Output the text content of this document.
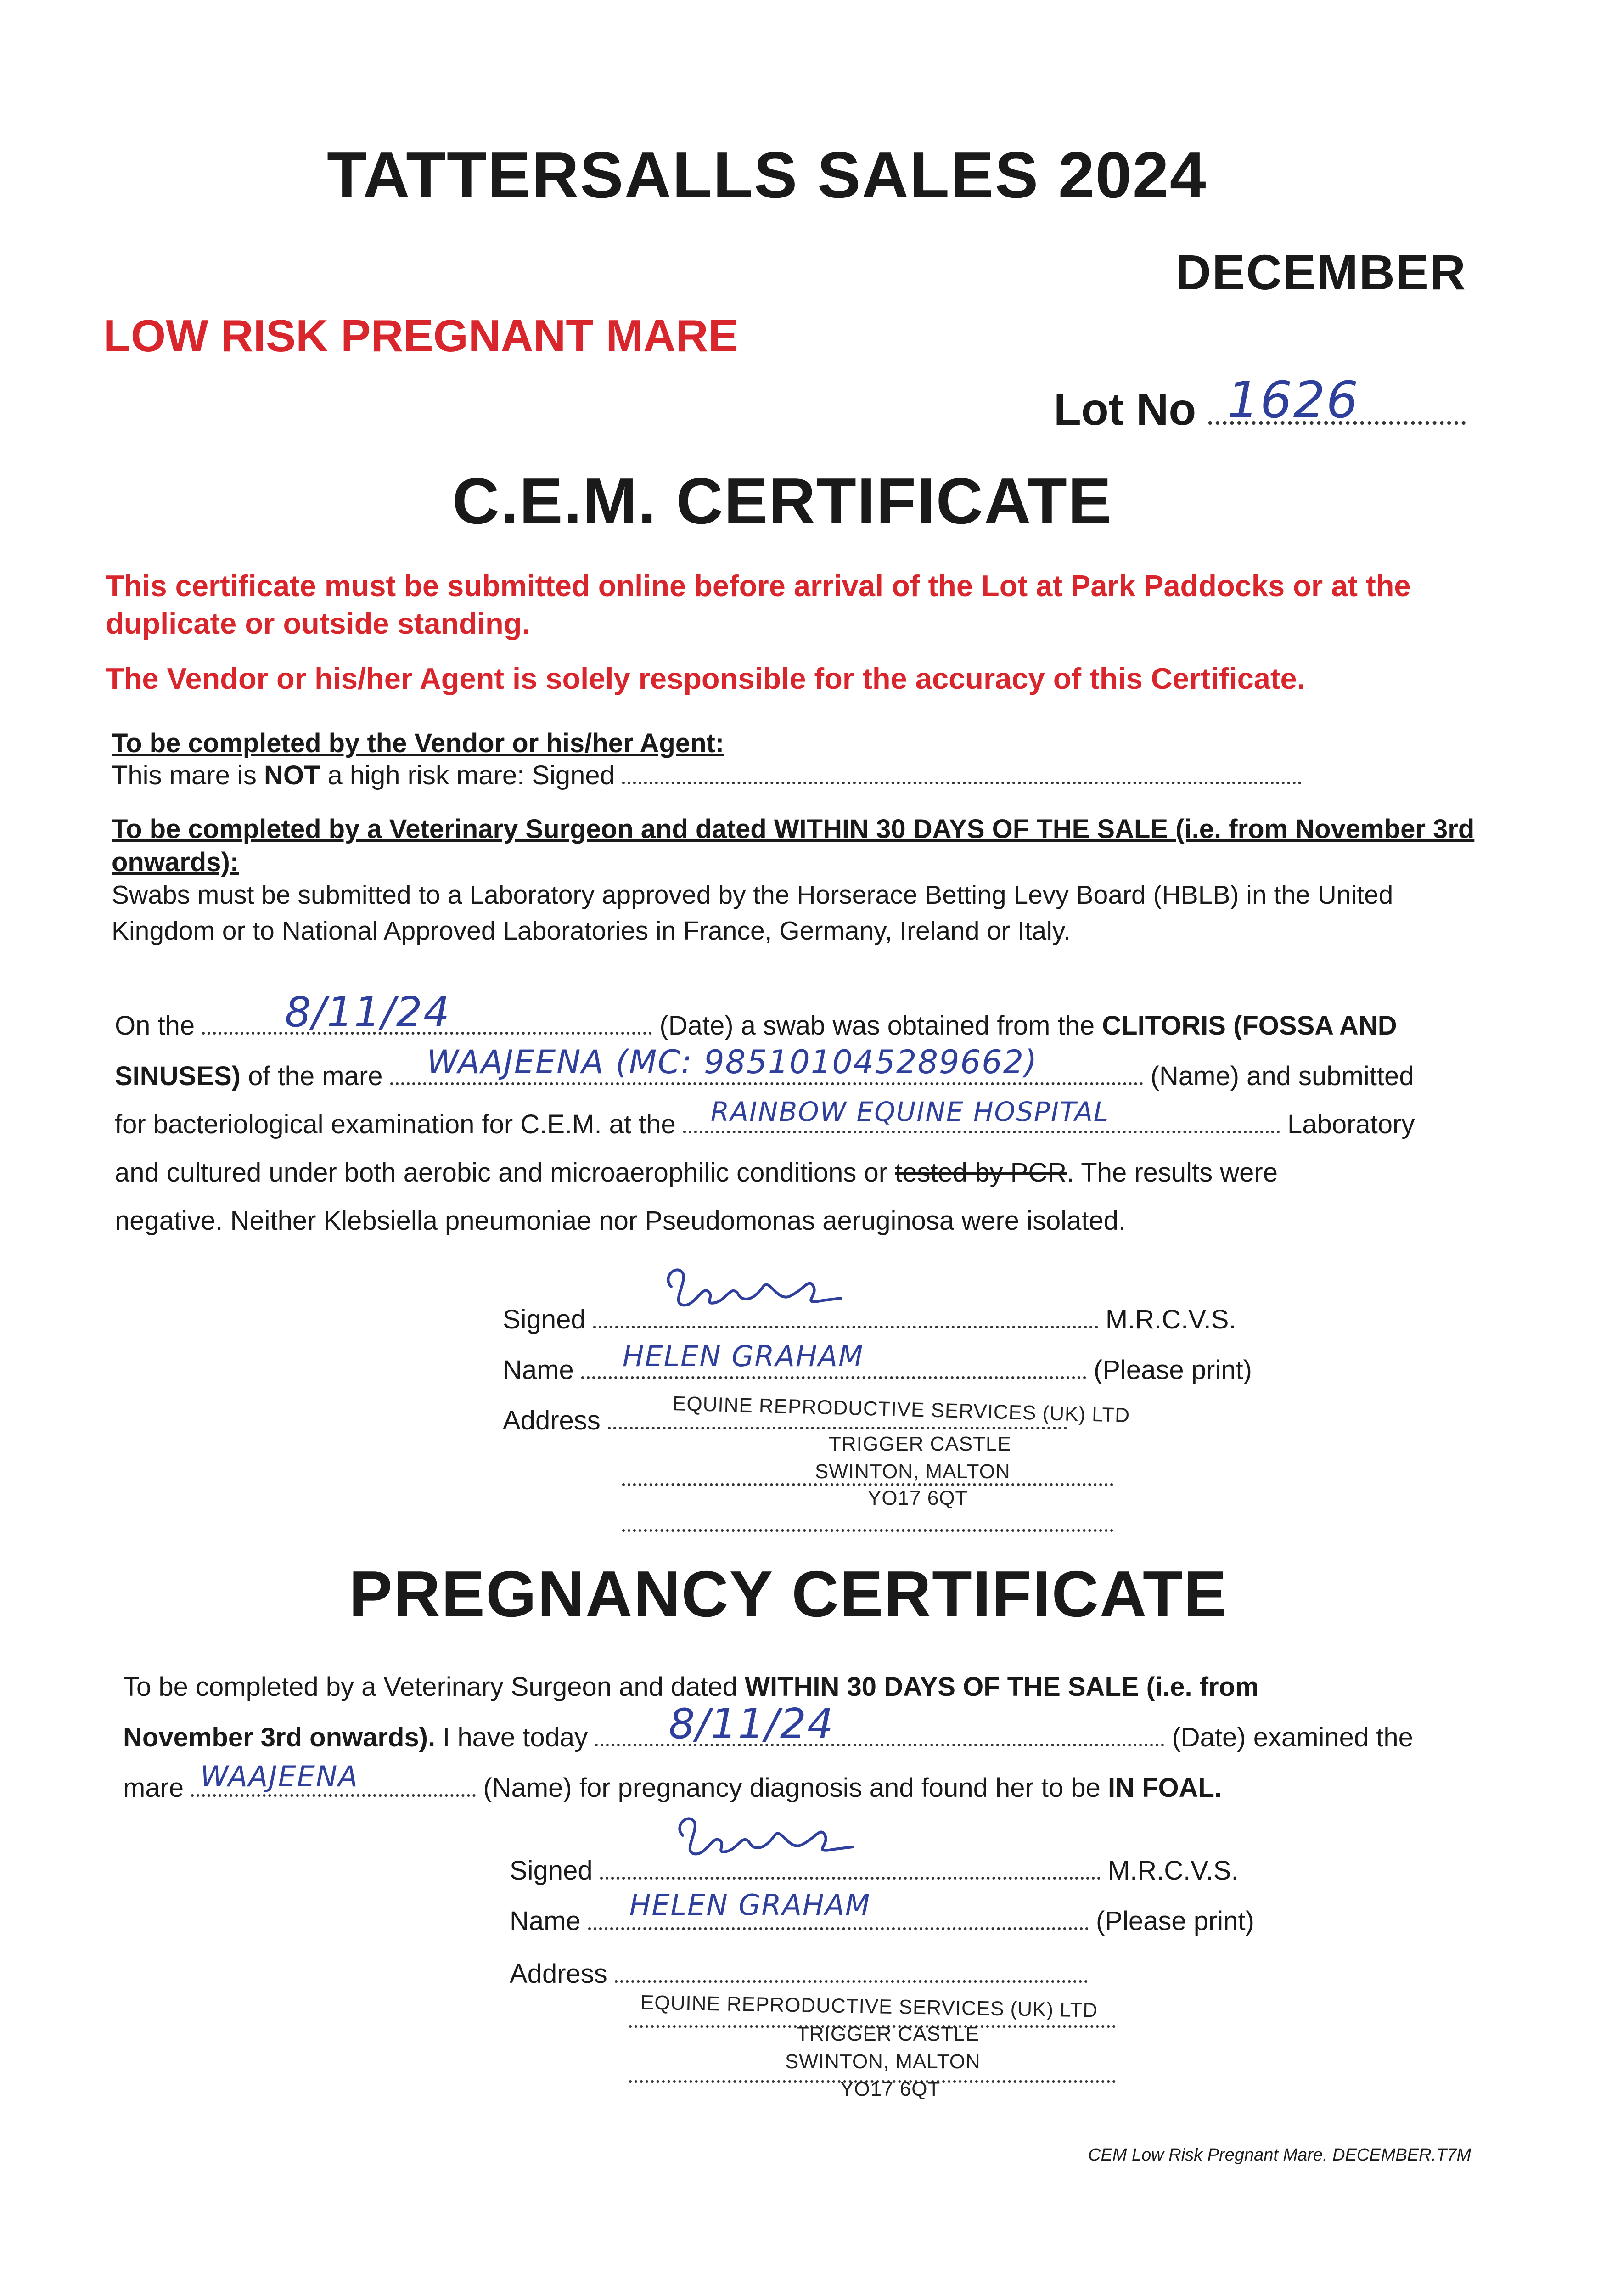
TATTERSALLS SALES 2024
DECEMBER
LOW RISK PREGNANT MARE
Lot No 1626
C.E.M. CERTIFICATE
This certificate must be submitted online before arrival of the Lot at Park Paddocks or at the duplicate or outside standing.
The Vendor or his/her Agent is solely responsible for the accuracy of this Certificate.
To be completed by the Vendor or his/her Agent:
This mare is NOT a high risk mare: Signed
To be completed by a Veterinary Surgeon and dated WITHIN 30 DAYS OF THE SALE (i.e. from November 3rd onwards):
Swabs must be submitted to a Laboratory approved by the Horserace Betting Levy Board (HBLB) in the United Kingdom or to National Approved Laboratories in France, Germany, Ireland or Italy.
On the 8/11/24	(Date) a swab was obtained from the CLITORIS (FOSSA AND
SINUSES) of the mare WAAJEENA (MC: 985101045289662)	(Name) and submitted
for bacteriological examination for C.E.M. at the RAINBOW EQUINE HOSPITAL	Laboratory
and cultured under both aerobic and microaerophilic conditions or tested by PCR. The results were
negative. Neither Klebsiella pneumoniae nor Pseudomonas aeruginosa were isolated.
Signed	M.R.C.V.S.
Name HELEN GRAHAM	(Please print)
Address	EQUINE REPRODUCTIVE SERVICES (UK) LTD
TRIGGER CASTLE
SWINTON, MALTON
YO17 6QT
PREGNANCY CERTIFICATE
To be completed by a Veterinary Surgeon and dated WITHIN 30 DAYS OF THE SALE (i.e. from
November 3rd onwards). I have today 8/11/24	(Date) examined the
mare WAAJEENA	(Name) for pregnancy diagnosis and found her to be IN FOAL.
Signed	M.R.C.V.S.
Name HELEN GRAHAM	(Please print)
Address
EQUINE REPRODUCTIVE SERVICES (UK) LTD
TRIGGER CASTLE
SWINTON, MALTON
YO17 6QT
CEM Low Risk Pregnant Mare. DECEMBER.T7M
